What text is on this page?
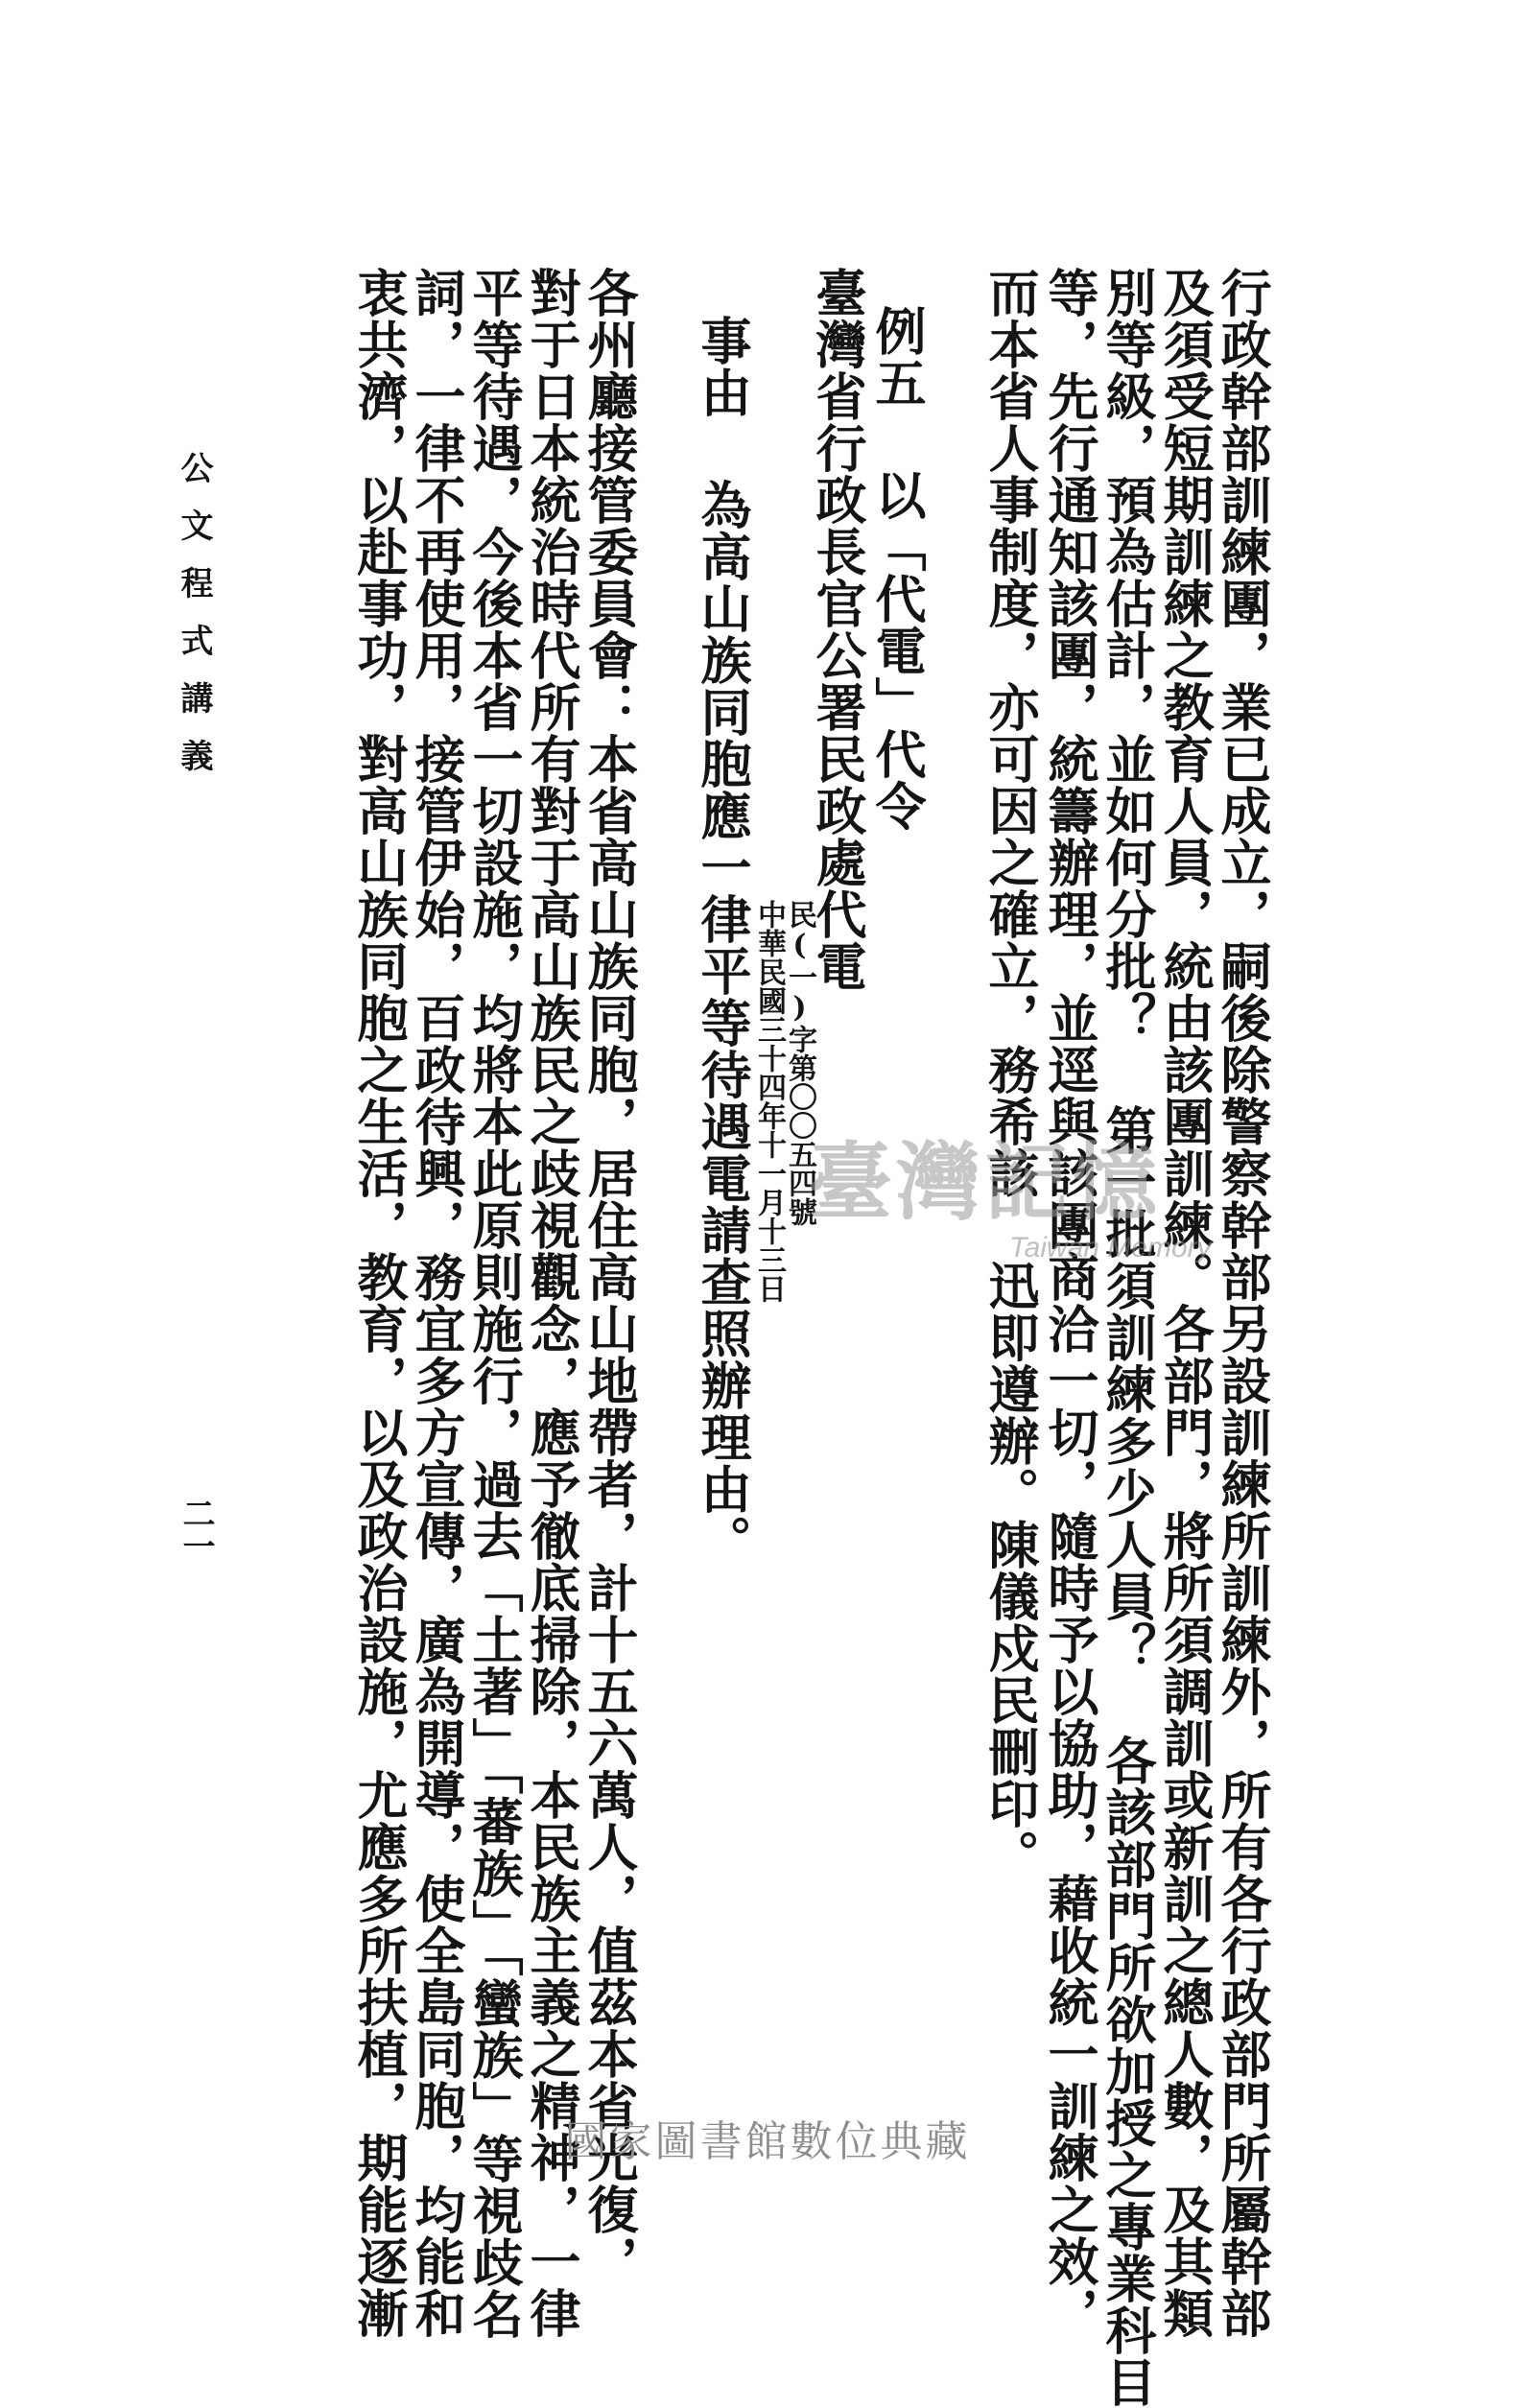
行政幹部訓練團，業已成立，嗣後除警察幹部另設訓練所訓練外，所有各行政部門所屬幹部
及須受短期訓練之教育人員，統由該團訓練。各部門，將所須調訓或新訓之總人數，及其類
別等級，預為估計，並如何分批？ 第一批須訓練多少人員？ 各該部門所欲加授之專業科目
等，先行通知該團，統籌辦理，並逕與該團商洽一切，隨時予以協助，藉收統一訓練之效，
而本省人事制度，亦可因之確立，務希該 迅即遵辦。陳儀戍民刪印。
例五 以「代電」代令
臺灣省行政長官公署民政處代電
事由 為高山族同胞應一律平等待遇電請查照辦理由。
各州廳接管委員會：本省高山族同胞，居住高山地帶者，計十五六萬人，值茲本省光復，
對于日本統治時代所有對于高山族民之歧視觀念，應予徹底掃除，本民族主義之精神，一律
平等待遇，今後本省一切設施，均將本此原則施行，過去「土著」「蕃族」「蠻族」等視歧名
詞，一律不再使用，接管伊始，百政待興，務宜多方宣傳，廣為開導，使全島同胞，均能和
衷共濟，以赴事功，對高山族同胞之生活，教育，以及政治設施，尤應多所扶植，期能逐漸	民(一)字第〇〇五四號
中華民國三十四年十一月十三日
公文程式講義
二一
臺灣記憶
Taiwan Memory
國家圖書館數位典藏
